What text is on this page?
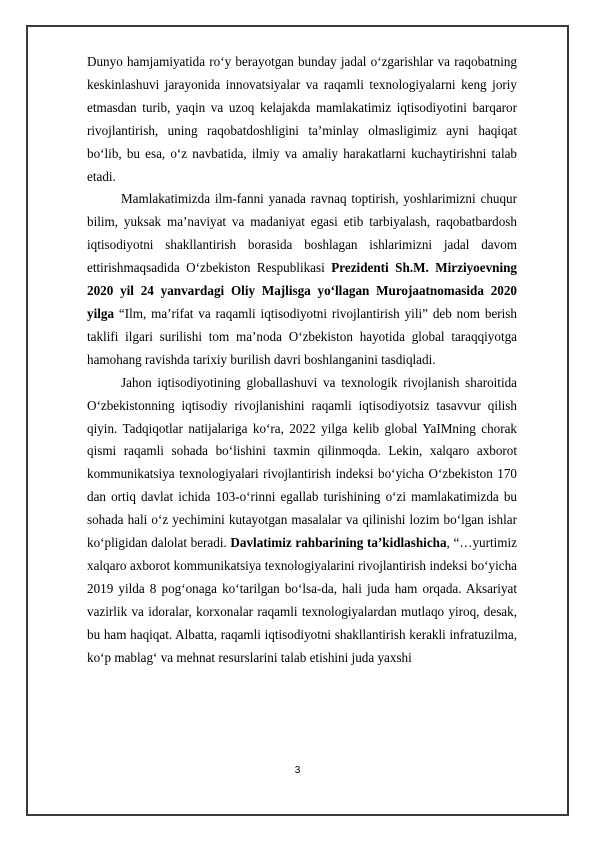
Dunyo hamjamiyatida ro‘y berayotgan bunday jadal o‘zgarishlar va raqobatning keskinlashuvi jarayonida innovatsiyalar va raqamli texnologiyalarni keng joriy etmasdan turib, yaqin va uzoq kelajakda mamlakatimiz iqtisodiyotini barqaror rivojlantirish, uning raqobatdoshligini ta’minlay olmasligimiz ayni haqiqat bo‘lib, bu esa, o‘z navbatida, ilmiy va amaliy harakatlarni kuchaytirishni talab etadi.

Mamlakatimizda ilm-fanni yanada ravnaq toptirish, yoshlarimizni chuqur bilim, yuksak ma’naviyat va madaniyat egasi etib tarbiyalash, raqobatbardosh iqtisodiyotni shakllantirish borasida boshlagan ishlarimizni jadal davom ettirishmaqsadida O‘zbekiston Respublikasi Prezidenti Sh.M. Mirziyoevning 2020 yil 24 yanvardagi Oliy Majlisga yo‘llagan Murojaatnomasida 2020 yilga “Ilm, ma’rifat va raqamli iqtisodiyotni rivojlantirish yili” deb nom berish taklifi ilgari surilishi tom ma’noda O‘zbekiston hayotida global taraqqiyotga hamohang ravishda tarixiy burilish davri boshlanganini tasdiqladi.

Jahon iqtisodiyotining globallashuvi va texnologik rivojlanish sharoitida O‘zbekistonning iqtisodiy rivojlanishini raqamli iqtisodiyotsiz tasavvur qilish qiyin. Tadqiqotlar natijalariga ko‘ra, 2022 yilga kelib global YaIMning chorak qismi raqamli sohada bo‘lishini taxmin qilinmoqda. Lekin, xalqaro axborot kommunikatsiya texnologiyalari rivojlantirish indeksi bo‘yicha O‘zbekiston 170 dan ortiq davlat ichida 103-o‘rinni egallab turishining o‘zi mamlakatimizda bu sohada hali o‘z yechimini kutayotgan masalalar va qilinishi lozim bo‘lgan ishlar ko‘pligidan dalolat beradi. Davlatimiz rahbarining ta’kidlashicha, “…yurtimiz xalqaro axborot kommunikatsiya texnologiyalarini rivojlantirish indeksi bo‘yicha 2019 yilda 8 pog‘onaga ko‘tarilgan bo‘lsa-da, hali juda ham orqada. Aksariyat vazirlik va idoralar, korxonalar raqamli texnologiyalardan mutlaqo yiroq, desak, bu ham haqiqat. Albatta, raqamli iqtisodiyotni shakllantirish kerakli infratuzilma, ko‘p mablag‘ va mehnat resurslarini talab etishini juda yaxshi

3
